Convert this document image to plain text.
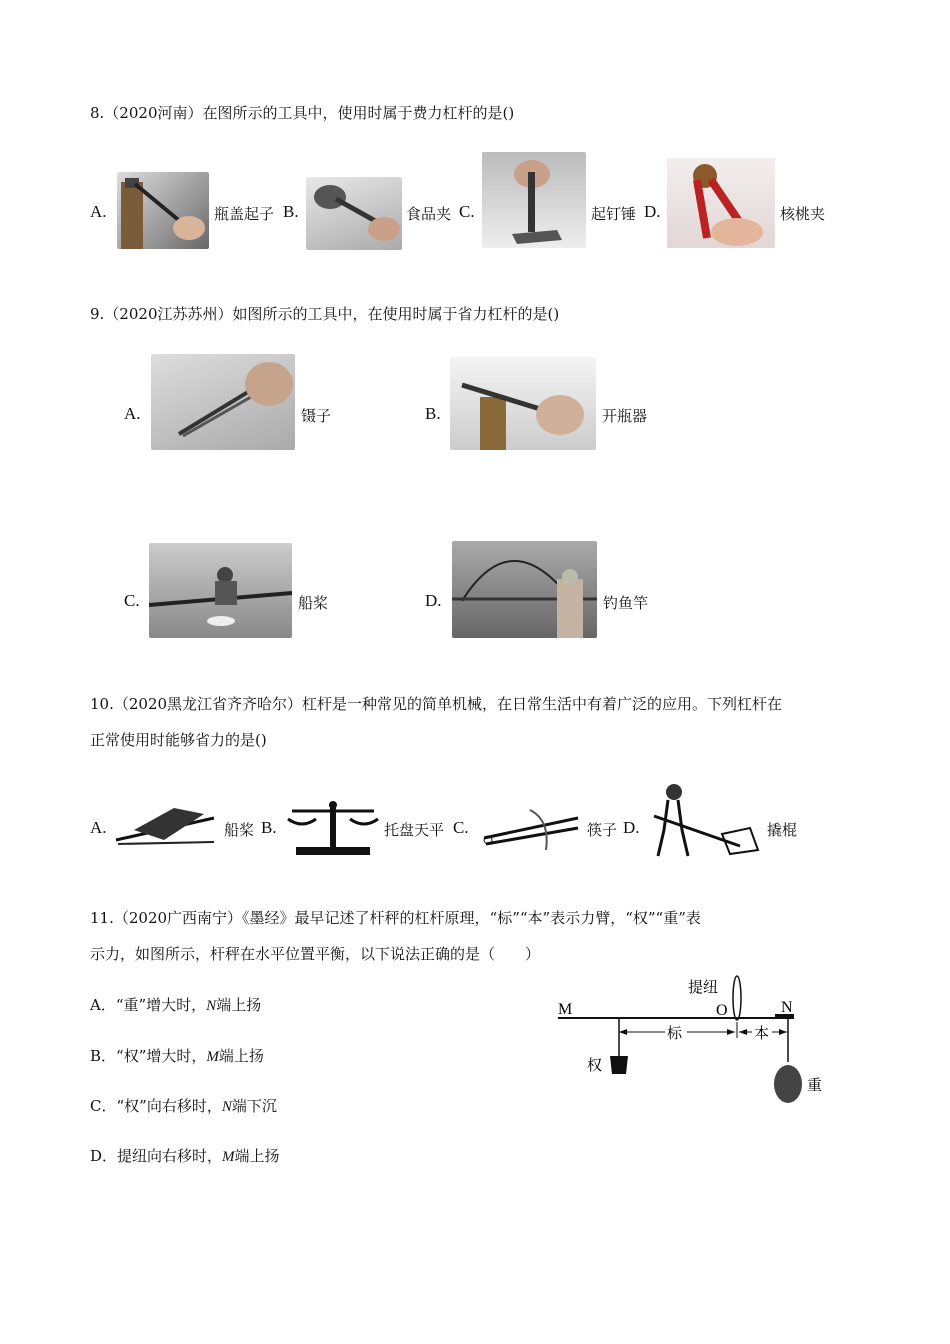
8.（2020河南）在图所示的工具中，使用时属于费力杠杆的是()
A.	瓶盖起子 B.	食品夹 C.	起钉锤 D.	核桃夹
9.（2020江苏苏州）如图所示的工具中，在使用时属于省力杠杆的是()
A.	镊子	B.	开瓶器
C.	船桨	D.	钓鱼竿
10.（2020黑龙江省齐齐哈尔）杠杆是一种常见的简单机械，在日常生活中有着广泛的应用。下列杠杆在
正常使用时能够省力的是()
A.	船桨 B.	托盘天平 C.	筷子 D.	撬棍
11.（2020广西南宁）《墨经》最早记述了杆秤的杠杆原理，“标”“本”表示力臂，“权”“重”表
示力，如图所示，杆秤在水平位置平衡，以下说法正确的是（　　）
A．“重”增大时，N端上扬
B．“权”增大时，M端上扬
C．“权”向右移时，N端下沉
D．提纽向右移时，M端上扬
M	O	N
提纽
标	本
权
重
